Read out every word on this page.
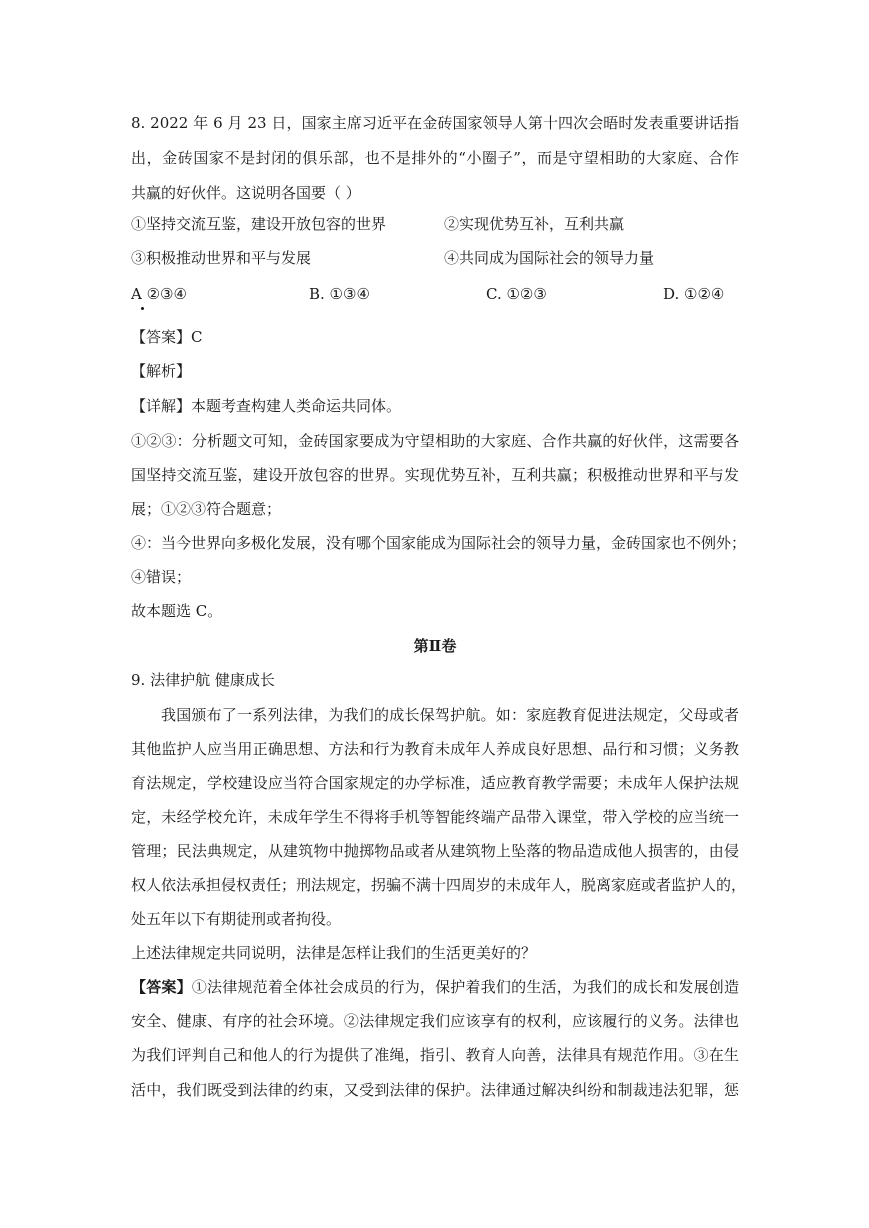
8. 2022 年 6 月 23 日，国家主席习近平在金砖国家领导人第十四次会晤时发表重要讲话指
出，金砖国家不是封闭的俱乐部，也不是排外的“小圈子”，而是守望相助的大家庭、合作
共赢的好伙伴。这说明各国要（ ）
①坚持交流互鉴，建设开放包容的世界	②实现优势互补，互利共赢
③积极推动世界和平与发展	④共同成为国际社会的领导力量
A ②③④	B. ①③④	C. ①②③	D. ①②④
【答案】C
【解析】
【详解】本题考查构建人类命运共同体。
①②③：分析题文可知，金砖国家要成为守望相助的大家庭、合作共赢的好伙伴，这需要各
国坚持交流互鉴，建设开放包容的世界。实现优势互补，互利共赢；积极推动世界和平与发
展；①②③符合题意；
④：当今世界向多极化发展，没有哪个国家能成为国际社会的领导力量，金砖国家也不例外；
④错误；
故本题选 C。
第Ⅱ卷
9. 法律护航 健康成长
我国颁布了一系列法律，为我们的成长保驾护航。如：家庭教育促进法规定，父母或者
其他监护人应当用正确思想、方法和行为教育未成年人养成良好思想、品行和习惯；义务教
育法规定，学校建设应当符合国家规定的办学标准，适应教育教学需要；未成年人保护法规
定，未经学校允许，未成年学生不得将手机等智能终端产品带入课堂，带入学校的应当统一
管理；民法典规定，从建筑物中抛掷物品或者从建筑物上坠落的物品造成他人损害的，由侵
权人依法承担侵权责任；刑法规定，拐骗不满十四周岁的未成年人，脱离家庭或者监护人的，
处五年以下有期徒刑或者拘役。
上述法律规定共同说明，法律是怎样让我们的生活更美好的？
【答案】①法律规范着全体社会成员的行为，保护着我们的生活，为我们的成长和发展创造
安全、健康、有序的社会环境。②法律规定我们应该享有的权利，应该履行的义务。法律也
为我们评判自己和他人的行为提供了准绳，指引、教育人向善，法律具有规范作用。③在生
活中，我们既受到法律的约束，又受到法律的保护。法律通过解决纠纷和制裁违法犯罪，惩
